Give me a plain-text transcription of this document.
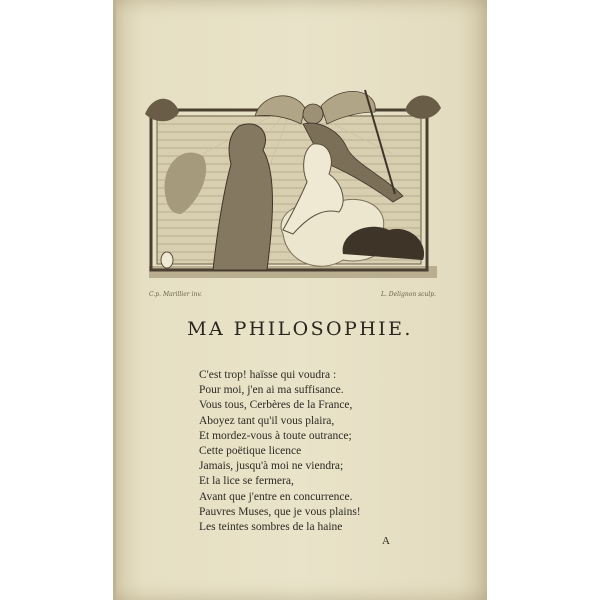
C.p. Marillier inv.	L. Delignon sculp.
MA PHILOSOPHIE.
C'est trop! haïsse qui voudra :
Pour moi, j'en ai ma suffisance.
Vous tous, Cerbères de la France,
Aboyez tant qu'il vous plaira,
Et mordez-vous à toute outrance;
Cette poëtique licence
Jamais, jusqu'à moi ne viendra;
Et la lice se fermera,
Avant que j'entre en concurrence.
Pauvres Muses, que je vous plains!
Les teintes sombres de la haine
A
